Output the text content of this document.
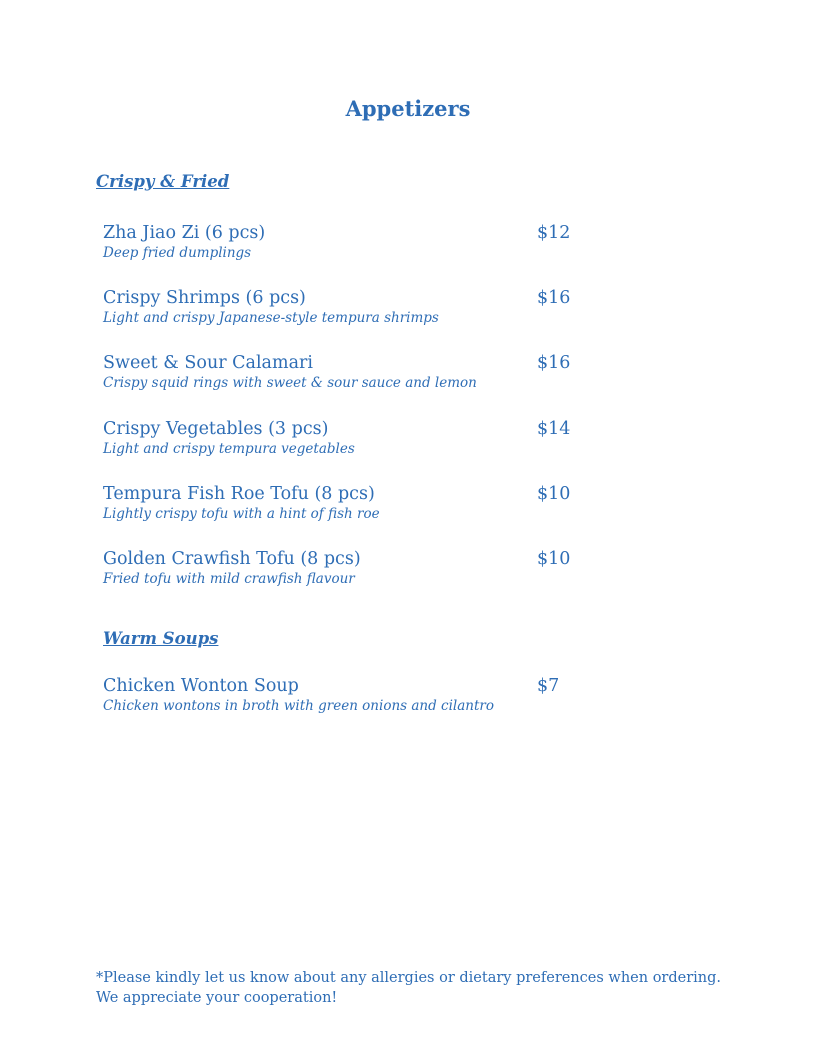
Appetizers
Crispy & Fried
Zha Jiao Zi (6 pcs)
Deep fried dumplings
$12
Crispy Shrimps (6 pcs)
Light and crispy Japanese-style tempura shrimps
$16
Sweet & Sour Calamari
Crispy squid rings with sweet & sour sauce and lemon
$16
Crispy Vegetables (3 pcs)
Light and crispy tempura vegetables
$14
Tempura Fish Roe Tofu (8 pcs)
Lightly crispy tofu with a hint of fish roe
$10
Golden Crawfish Tofu (8 pcs)
Fried tofu with mild crawfish flavour
$10
Warm Soups
Chicken Wonton Soup
Chicken wontons in broth with green onions and cilantro
$7
*Please kindly let us know about any allergies or dietary preferences when ordering.
We appreciate your cooperation!
